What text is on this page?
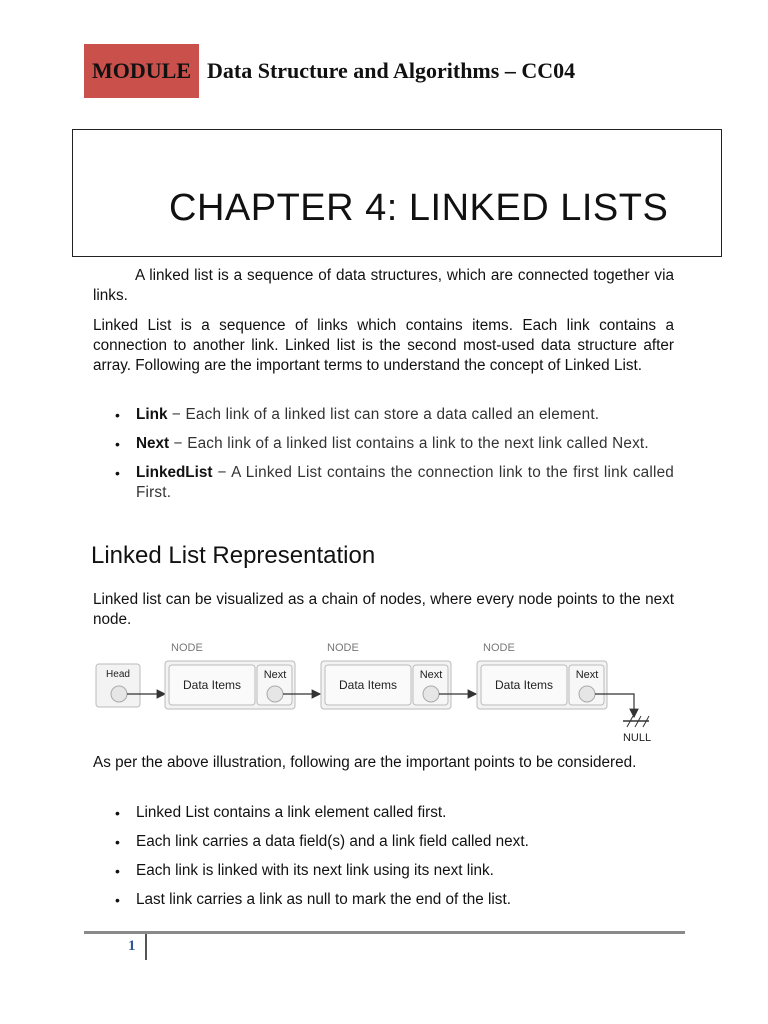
MODULE Data Structure and Algorithms – CC04
CHAPTER 4: LINKED LISTS

A linked list is a sequence of data structures, which are connected together via links.

Linked List is a sequence of links which contains items. Each link contains a connection to another link. Linked list is the second most-used data structure after array. Following are the important terms to understand the concept of Linked List.

• Link − Each link of a linked list can store a data called an element.
• Next − Each link of a linked list contains a link to the next link called Next.
• LinkedList − A Linked List contains the connection link to the first link called First.
Linked List Representation

Linked list can be visualized as a chain of nodes, where every node points to the next node.

Head
NODE
Data Items
Next
NODE
Data Items
Next
NODE
Data Items
Next
NULL

As per the above illustration, following are the important points to be considered.

• Linked List contains a link element called first.
• Each link carries a data field(s) and a link field called next.
• Each link is linked with its next link using its next link.
• Last link carries a link as null to mark the end of the list.
1
